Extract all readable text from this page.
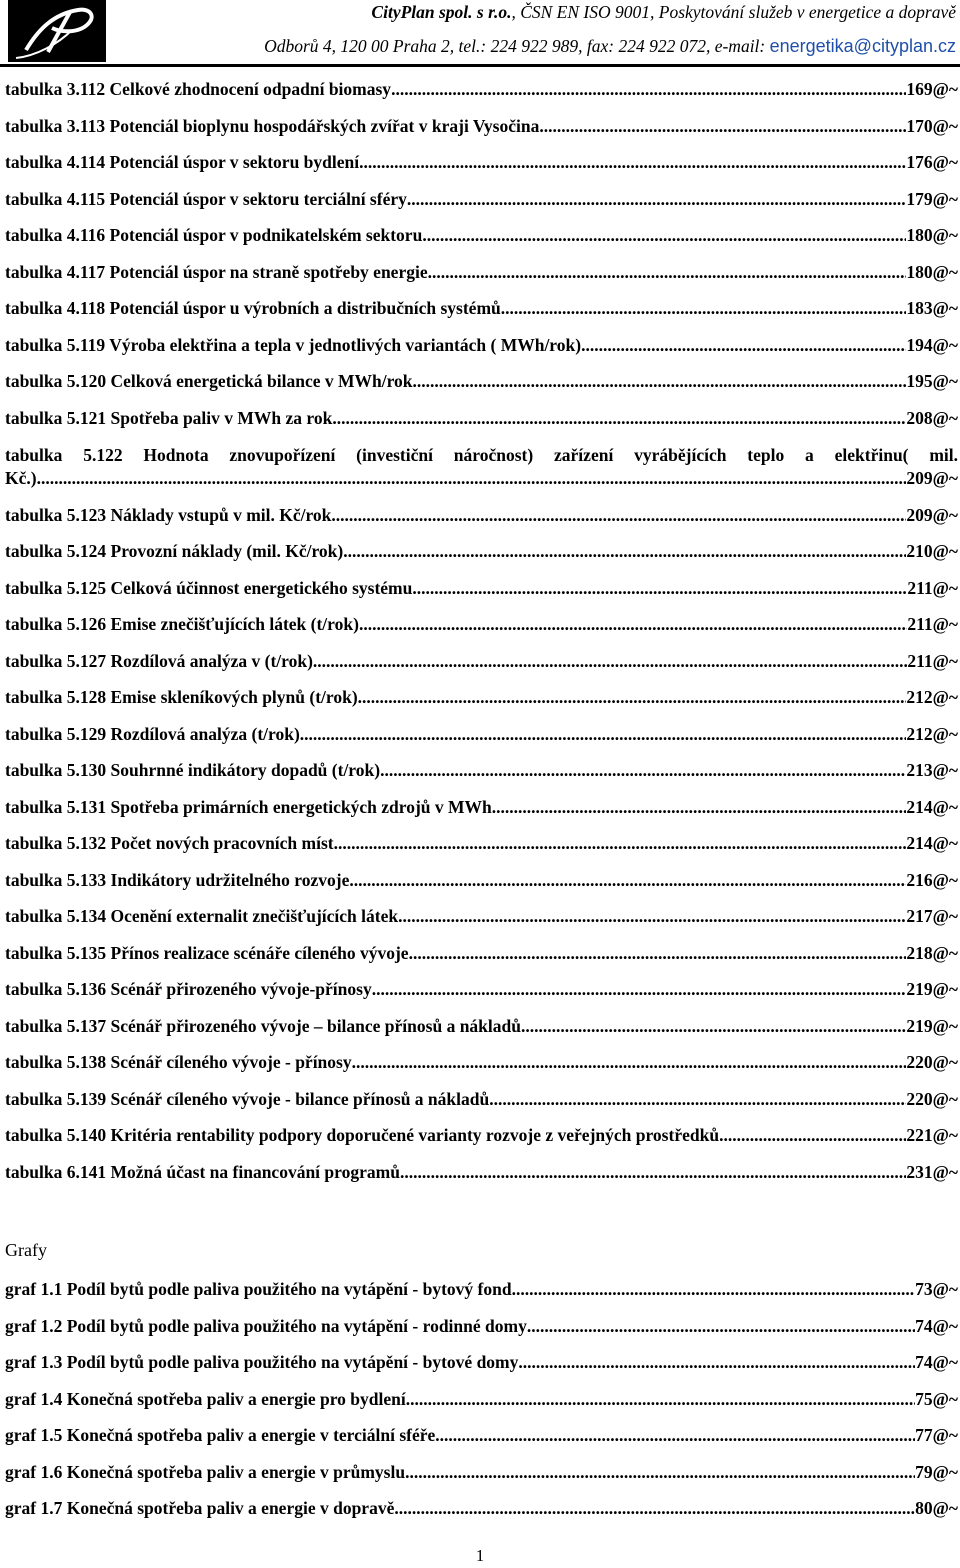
CityPlan spol. s r.o., ČSN EN ISO 9001, Poskytování služeb v energetice a dopravě
Odborů 4, 120 00 Praha 2, tel.: 224 922 989, fax: 224 922 072, e-mail: energetika@cityplan.cz
tabulka 3.112 Celkové zhodnocení odpadní biomasy .....	169@~
tabulka 3.113 Potenciál bioplynu hospodářských zvířat v kraji Vysočina .....	170@~
tabulka 4.114 Potenciál úspor v sektoru bydlení .....	176@~
tabulka 4.115 Potenciál úspor v sektoru terciální sféry .....	179@~
tabulka 4.116 Potenciál úspor v podnikatelském sektoru .....	180@~
tabulka 4.117 Potenciál úspor na straně spotřeby energie .....	180@~
tabulka 4.118 Potenciál úspor u výrobních a distribučních systémů .....	183@~
tabulka 5.119 Výroba elektřina a tepla v jednotlivých variantách ( MWh/rok) .....	194@~
tabulka 5.120 Celková energetická bilance v MWh/rok .....	195@~
tabulka 5.121 Spotřeba paliv v MWh za rok .....	208@~
tabulka 5.122 Hodnota znovupořízení (investiční náročnost) zařízení vyrábějících teplo a elektřinu( mil.
Kč.) .....	209@~
tabulka 5.123 Náklady vstupů v mil. Kč/rok .....	209@~
tabulka 5.124 Provozní náklady (mil. Kč/rok) .....	210@~
tabulka 5.125 Celková účinnost energetického systému .....	211@~
tabulka 5.126 Emise znečišťujících látek (t/rok) .....	211@~
tabulka 5.127 Rozdílová analýza v (t/rok) .....	211@~
tabulka 5.128 Emise skleníkových plynů (t/rok) .....	212@~
tabulka 5.129 Rozdílová analýza (t/rok) .....	212@~
tabulka 5.130 Souhrnné indikátory dopadů (t/rok) .....	213@~
tabulka 5.131 Spotřeba primárních energetických zdrojů v MWh .....	214@~
tabulka 5.132 Počet nových pracovních míst .....	214@~
tabulka 5.133 Indikátory udržitelného rozvoje .....	216@~
tabulka 5.134 Ocenění externalit znečišťujících látek .....	217@~
tabulka 5.135 Přínos realizace scénáře cíleného vývoje .....	218@~
tabulka 5.136 Scénář přirozeného vývoje-přínosy .....	219@~
tabulka 5.137 Scénář přirozeného vývoje – bilance přínosů a nákladů .....	219@~
tabulka 5.138 Scénář cíleného vývoje - přínosy .....	220@~
tabulka 5.139 Scénář cíleného vývoje - bilance přínosů a nákladů .....	220@~
tabulka 5.140 Kritéria rentability podpory doporučené varianty rozvoje z veřejných prostředků .....	221@~
tabulka 6.141 Možná účast na financování programů .....	231@~
Grafy
graf 1.1 Podíl bytů podle paliva použitého na vytápění - bytový fond .....	73@~
graf 1.2 Podíl bytů podle paliva použitého na vytápění - rodinné domy .....	74@~
graf 1.3 Podíl bytů podle paliva použitého na vytápění - bytové domy .....	74@~
graf 1.4 Konečná spotřeba paliv a energie pro bydlení .....	75@~
graf 1.5 Konečná spotřeba paliv a energie v terciální sféře .....	77@~
graf 1.6 Konečná spotřeba paliv a energie v průmyslu .....	79@~
graf 1.7 Konečná spotřeba paliv a energie v dopravě .....	80@~
1
